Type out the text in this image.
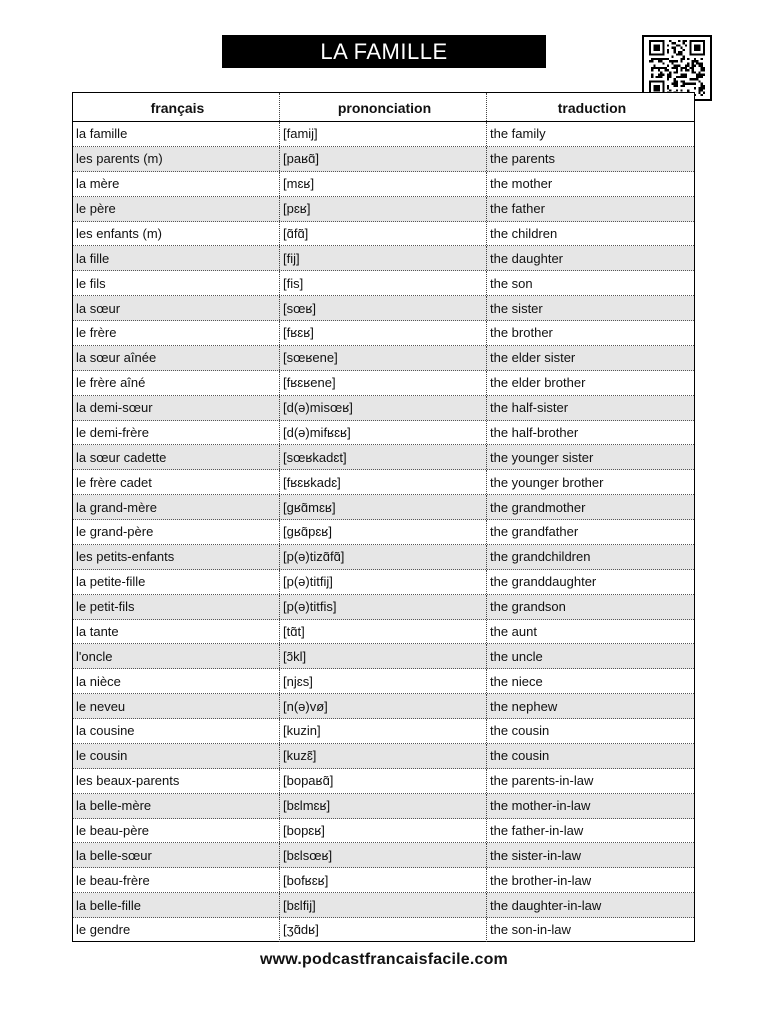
LA FAMILLE
français	prononciation	traduction
la famille	[famij]	the family
les parents (m)	[paʁɑ̃]	the parents
la mère	[mɛʁ]	the mother
le père	[pɛʁ]	the father
les enfants (m)	[ɑ̃fɑ̃]	the children
la fille	[fij]	the daughter
le fils	[fis]	the son
la sœur	[sœʁ]	the sister
le frère	[fʁɛʁ]	the brother
la sœur aînée	[sœʁene]	the elder sister
le frère aîné	[fʁɛʁene]	the elder brother
la demi-sœur	[d(ə)misœʁ]	the half-sister
le demi-frère	[d(ə)mifʁɛʁ]	the half-brother
la sœur cadette	[sœʁkadɛt]	the younger sister
le frère cadet	[fʁɛʁkadɛ]	the younger brother
la grand-mère	[gʁɑ̃mɛʁ]	the grandmother
le grand-père	[gʁɑ̃pɛʁ]	the grandfather
les petits-enfants	[p(ə)tizɑ̃fɑ̃]	the grandchildren
la petite-fille	[p(ə)titfij]	the granddaughter
le petit-fils	[p(ə)titfis]	the grandson
la tante	[tɑ̃t]	the aunt
l'oncle	[ɔ̃kl]	the uncle
la nièce	[njɛs]	the niece
le neveu	[n(ə)vø]	the nephew
la cousine	[kuzin]	the cousin
le cousin	[kuzɛ̃]	the cousin
les beaux-parents	[bopaʁɑ̃]	the parents-in-law
la belle-mère	[bɛlmɛʁ]	the mother-in-law
le beau-père	[bopɛʁ]	the father-in-law
la belle-sœur	[bɛlsœʁ]	the sister-in-law
le beau-frère	[bofʁɛʁ]	the brother-in-law
la belle-fille	[bɛlfij]	the daughter-in-law
le gendre	[ʒɑ̃dʁ]	the son-in-law
www.podcastfrancaisfacile.com
